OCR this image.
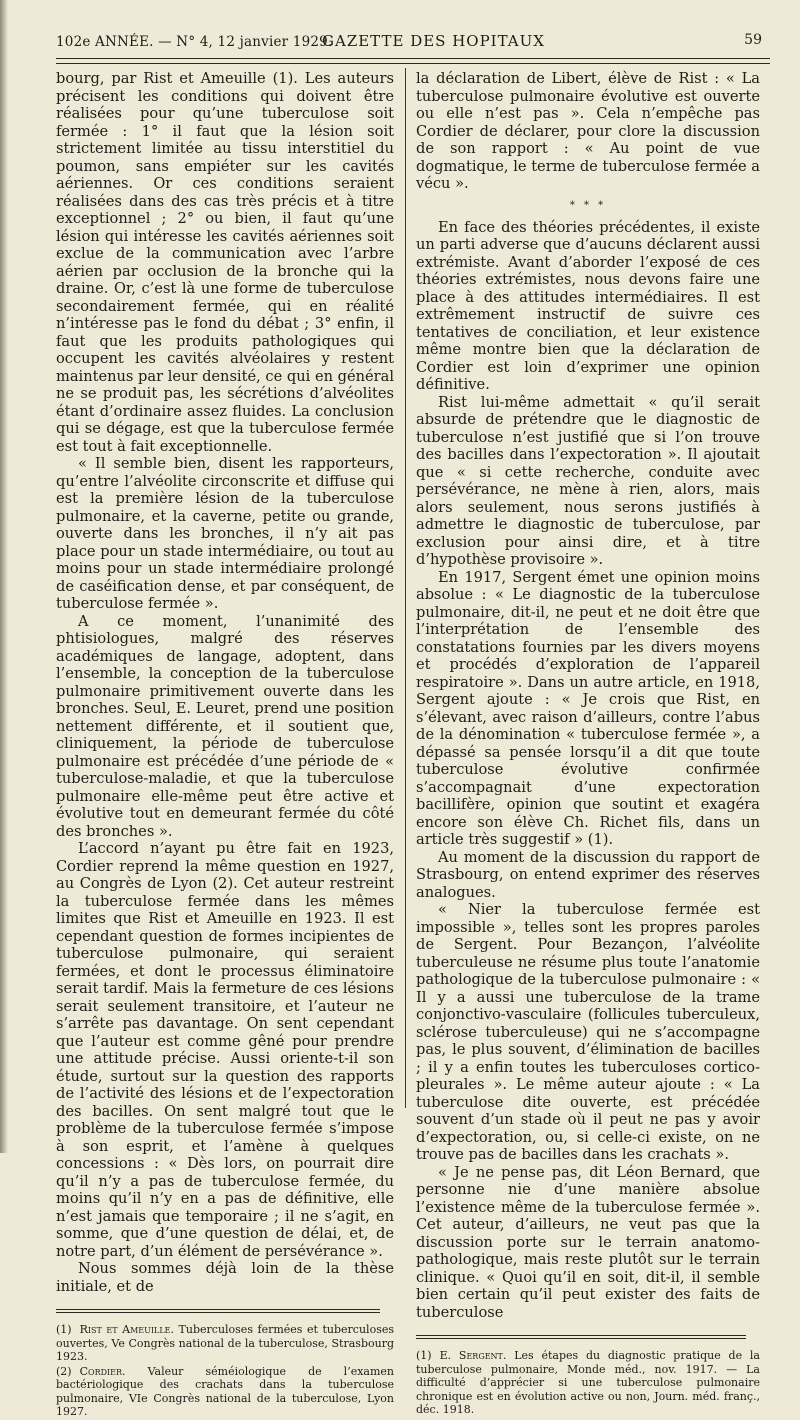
102e ANNÉE. — N° 4, 12 janvier 1929.
GAZETTE DES HOPITAUX	59

bourg, par Rist et Ameuille (1). Les auteurs précisent les conditions qui doivent être réalisées pour qu’une tuberculose soit fermée : 1° il faut que la lésion soit strictement limitée au tissu interstitiel du poumon, sans empiéter sur les cavités aériennes. Or ces conditions seraient réalisées dans des cas très précis et à titre exceptionnel ; 2° ou bien, il faut qu’une lésion qui intéresse les cavités aériennes soit exclue de la communication avec l’arbre aérien par occlusion de la bronche qui la draine. Or, c’est là une forme de tuberculose secondairement fermée, qui en réalité n’intéresse pas le fond du débat ; 3° enfin, il faut que les produits pathologiques qui occupent les cavités alvéolaires y restent maintenus par leur densité, ce qui en général ne se produit pas, les sécrétions d’alvéolites étant d’ordinaire assez fluides. La conclusion qui se dégage, est que la tuberculose fermée est tout à fait exceptionnelle.

« Il semble bien, disent les rapporteurs, qu’entre l’alvéolite circonscrite et diffuse qui est la première lésion de la tuberculose pulmonaire, et la caverne, petite ou grande, ouverte dans les bronches, il n’y ait pas place pour un stade intermédiaire, ou tout au moins pour un stade intermédiaire prolongé de caséification dense, et par conséquent, de tuberculose fermée ».

A ce moment, l’unanimité des phtisiologues, malgré des réserves académiques de langage, adoptent, dans l’ensemble, la conception de la tuberculose pulmonaire primitivement ouverte dans les bronches. Seul, E. Leuret, prend une position nettement différente, et il soutient que, cliniquement, la période de tuberculose pulmonaire est précédée d’une période de « tuberculose-maladie, et que la tuberculose pulmonaire elle-même peut être active et évolutive tout en demeurant fermée du côté des bronches ».

L’accord n’ayant pu être fait en 1923, Cordier reprend la même question en 1927, au Congrès de Lyon (2). Cet auteur restreint la tuberculose fermée dans les mêmes limites que Rist et Ameuille en 1923. Il est cependant question de formes incipientes de tuberculose pulmonaire, qui seraient fermées, et dont le processus éliminatoire serait tardif. Mais la fermeture de ces lésions serait seulement transitoire, et l’auteur ne s’arrête pas davantage. On sent cependant que l’auteur est comme gêné pour prendre une attitude précise. Aussi oriente-t-il son étude, surtout sur la question des rapports de l’activité des lésions et de l’expectoration des bacilles. On sent malgré tout que le problème de la tuberculose fermée s’impose à son esprit, et l’amène à quelques concessions : « Dès lors, on pourrait dire qu’il n’y a pas de tuberculose fermée, du moins qu’il n’y en a pas de définitive, elle n’est jamais que temporaire ; il ne s’agit, en somme, que d’une question de délai, et, de notre part, d’un élément de persévérance ».

Nous sommes déjà loin de la thèse initiale, et de

(1) Rist et Ameuille. Tuberculoses fermées et tuberculoses ouvertes, Ve Congrès national de la tuberculose, Strasbourg 1923.

(2) Cordier. Valeur séméiologique de l’examen bactériologique des crachats dans la tuberculose pulmonaire, VIe Congrès national de la tuberculose, Lyon 1927.

la déclaration de Libert, élève de Rist : « La tuberculose pulmonaire évolutive est ouverte ou elle n’est pas ». Cela n’empêche pas Cordier de déclarer, pour clore la discussion de son rapport : « Au point de vue dogmatique, le terme de tuberculose fermée a vécu ».

* * *

En face des théories précédentes, il existe un parti adverse que d’aucuns déclarent aussi extrémiste. Avant d’aborder l’exposé de ces théories extrémistes, nous devons faire une place à des attitudes intermédiaires. Il est extrêmement instructif de suivre ces tentatives de conciliation, et leur existence même montre bien que la déclaration de Cordier est loin d’exprimer une opinion définitive.

Rist lui-même admettait « qu’il serait absurde de prétendre que le diagnostic de tuberculose n’est justifié que si l’on trouve des bacilles dans l’expectoration ». Il ajoutait que « si cette recherche, conduite avec persévérance, ne mène à rien, alors, mais alors seulement, nous serons justifiés à admettre le diagnostic de tuberculose, par exclusion pour ainsi dire, et à titre d’hypothèse provisoire ».

En 1917, Sergent émet une opinion moins absolue : « Le diagnostic de la tuberculose pulmonaire, dit-il, ne peut et ne doit être que l’interprétation de l’ensemble des constatations fournies par les divers moyens et procédés d’exploration de l’appareil respiratoire ». Dans un autre article, en 1918, Sergent ajoute : « Je crois que Rist, en s’élevant, avec raison d’ailleurs, contre l’abus de la dénomination « tuberculose fermée », a dépassé sa pensée lorsqu’il a dit que toute tuberculose évolutive confirmée s’accompagnait d’une expectoration bacillifère, opinion que soutint et exagéra encore son élève Ch. Richet fils, dans un article très suggestif » (1).

Au moment de la discussion du rapport de Strasbourg, on entend exprimer des réserves analogues.

« Nier la tuberculose fermée est impossible », telles sont les propres paroles de Sergent. Pour Bezançon, l’alvéolite tuberculeuse ne résume plus toute l’anatomie pathologique de la tuberculose pulmonaire : « Il y a aussi une tuberculose de la trame conjonctivo-vasculaire (follicules tuberculeux, sclérose tuberculeuse) qui ne s’accompagne pas, le plus souvent, d’élimination de bacilles ; il y a enfin toutes les tuberculoses cortico-pleurales ». Le même auteur ajoute : « La tuberculose dite ouverte, est précédée souvent d’un stade où il peut ne pas y avoir d’expectoration, ou, si celle-ci existe, on ne trouve pas de bacilles dans les crachats ».

« Je ne pense pas, dit Léon Bernard, que personne nie d’une manière absolue l’existence même de la tuberculose fermée ». Cet auteur, d’ailleurs, ne veut pas que la discussion porte sur le terrain anatomo-pathologique, mais reste plutôt sur le terrain clinique. « Quoi qu’il en soit, dit-il, il semble bien certain qu’il peut exister des faits de tuberculose

(1) E. Sergent. Les étapes du diagnostic pratique de la tuberculose pulmonaire, Monde méd., nov. 1917. — La difficulté d’apprécier si une tuberculose pulmonaire chronique est en évolution active ou non, Journ. méd. franç., déc. 1918.
